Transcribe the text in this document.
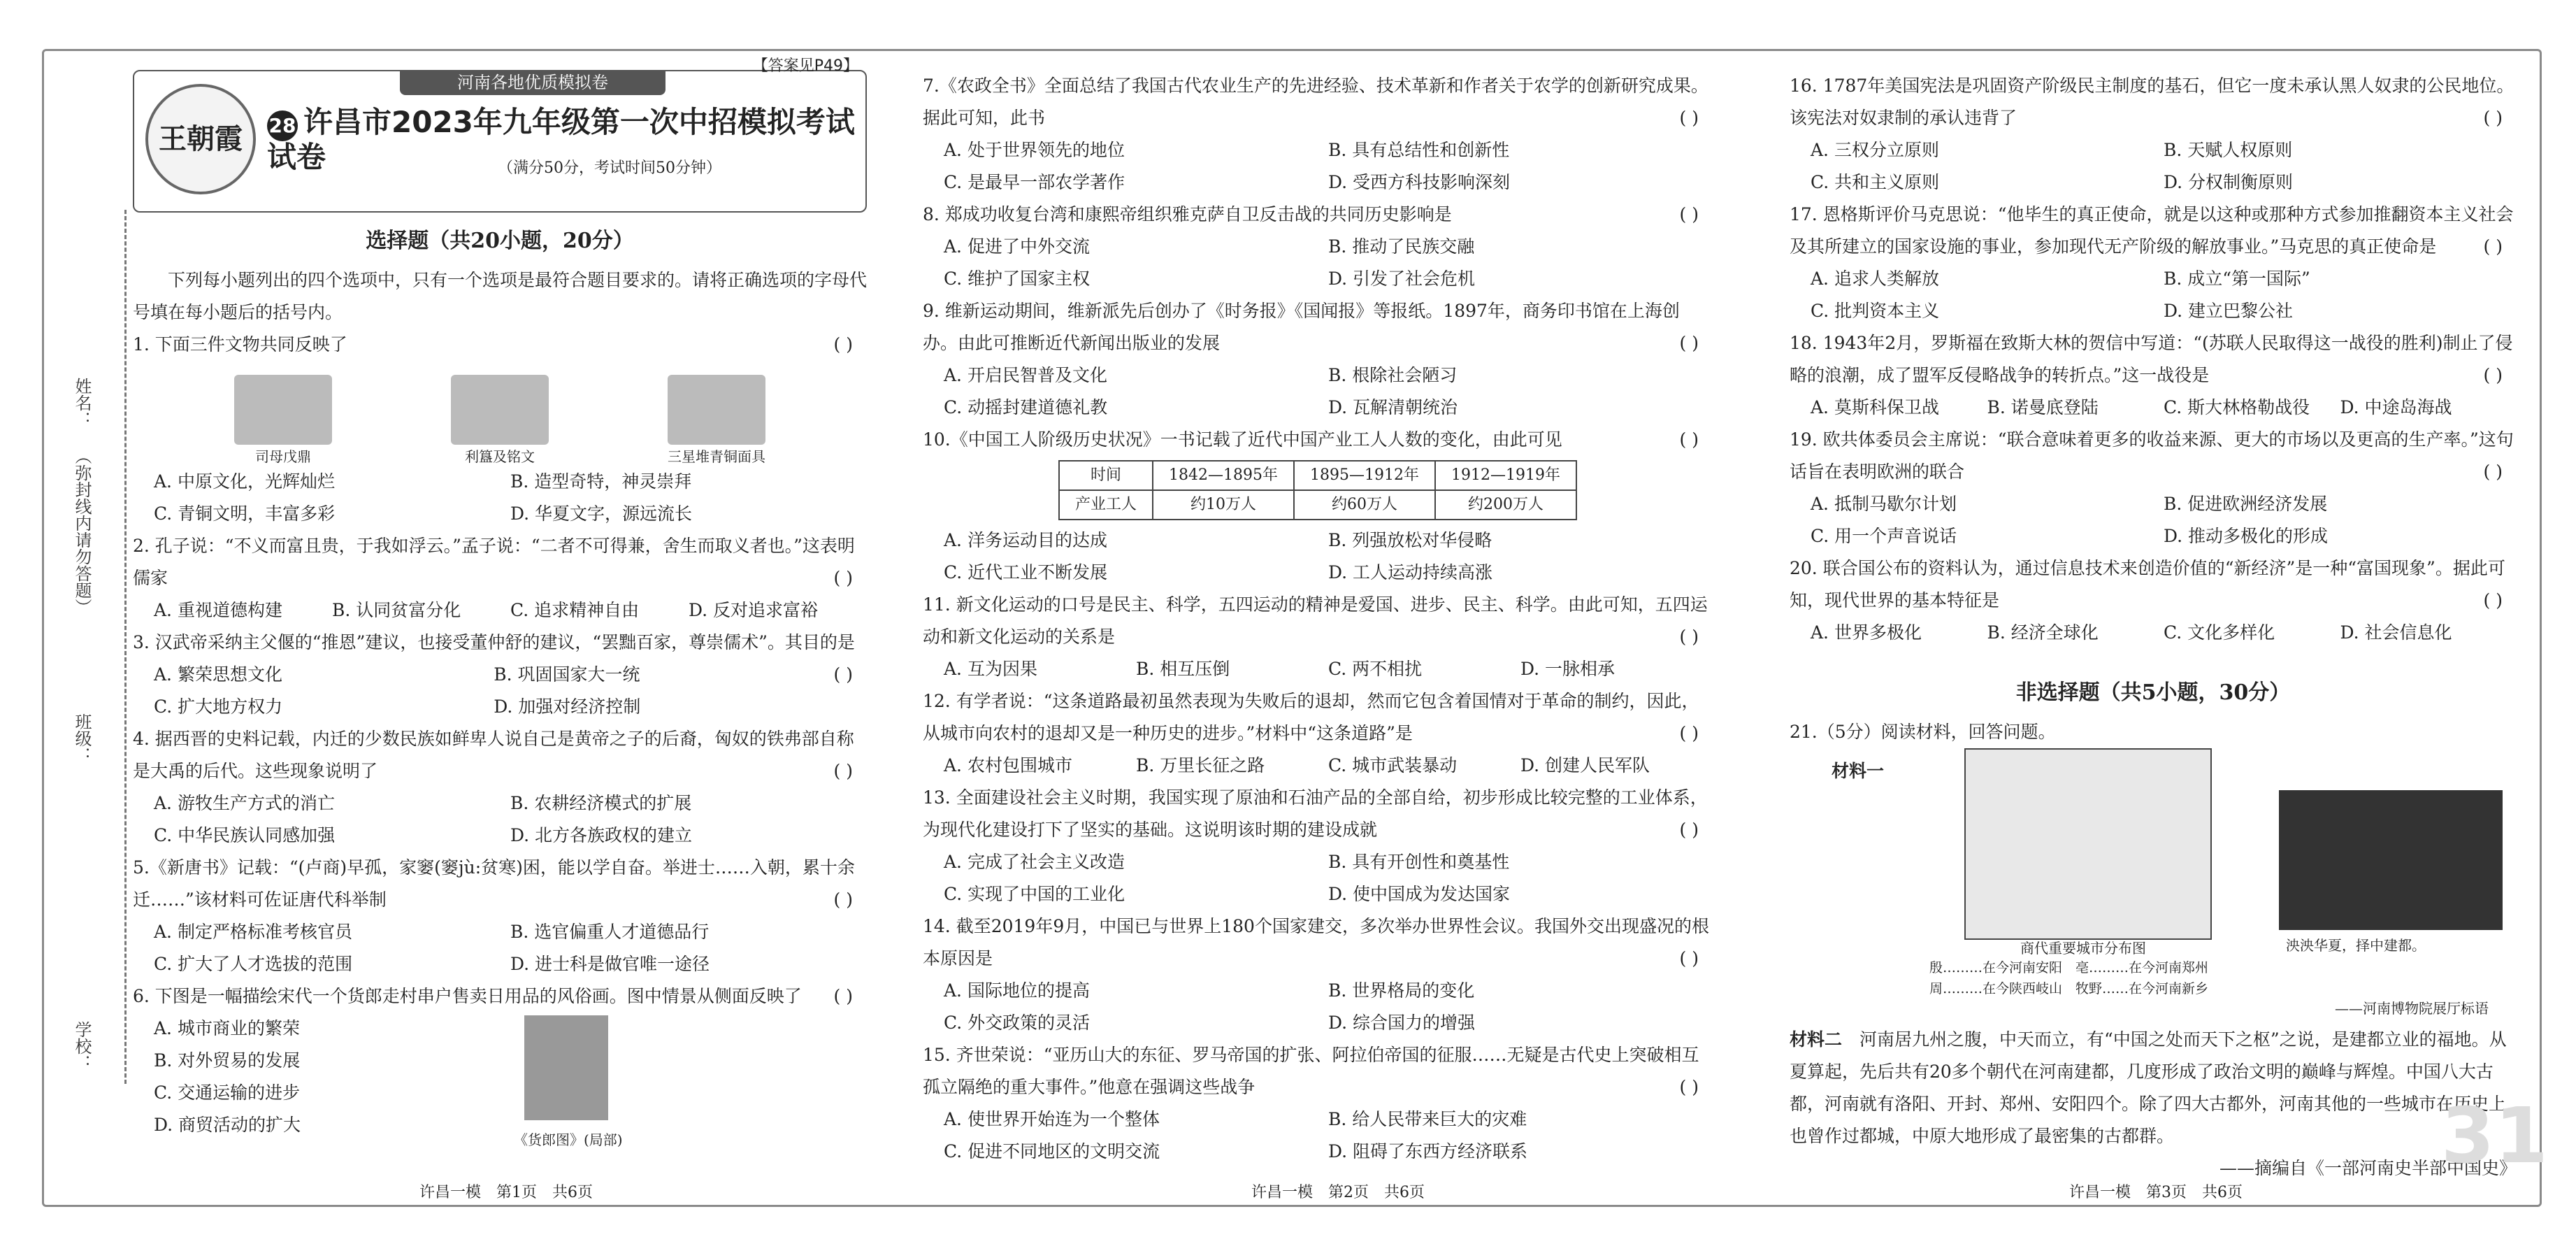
姓名：
（弥封线内请勿答题）
班级：
学校：
【答案见P49】
河南各地优质模拟卷
王朝霞 28 许昌市2023年九年级第一次中招模拟考试试卷	（满分50分，考试时间50分钟）
选择题（共20小题，20分）

下列每小题列出的四个选项中，只有一个选项是最符合题目要求的。请将正确选项的字母代号填在每小题后的括号内。

1. 下面三件文物共同反映了	( )

司母戊鼎	利簋及铭文	三星堆青铜面具
A. 中原文化，光辉灿烂	B. 造型奇特，神灵崇拜
C. 青铜文明，丰富多彩	D. 华夏文字，源远流长

2. 孔子说：“不义而富且贵，于我如浮云。”孟子说：“二者不可得兼，舍生而取义者也。”这表明儒家	( )

A. 重视道德构建	B. 认同贫富分化	C. 追求精神自由	D. 反对追求富裕

3. 汉武帝采纳主父偃的“推恩”建议，也接受董仲舒的建议，“罢黜百家，尊崇儒术”。其目的是
( )

A. 繁荣思想文化	B. 巩固国家大一统
C. 扩大地方权力	D. 加强对经济控制

4. 据西晋的史料记载，内迁的少数民族如鲜卑人说自己是黄帝之子的后裔，匈奴的铁弗部自称是大禹的后代。这些现象说明了	( )

A. 游牧生产方式的消亡	B. 农耕经济模式的扩展
C. 中华民族认同感加强	D. 北方各族政权的建立

5.《新唐书》记载：“(卢商)早孤，家窭(窭jù:贫寒)困，能以学自奋。举进士……入朝，累十余迁……”该材料可佐证唐代科举制	( )

A. 制定严格标准考核官员	B. 选官偏重人才道德品行
C. 扩大了人才选拔的范围	D. 进士科是做官唯一途径

6. 下图是一幅描绘宋代一个货郎走村串户售卖日用品的风俗画。图中情景从侧面反映了 ( )

A. 城市商业的繁荣
B. 对外贸易的发展
C. 交通运输的进步
D. 商贸活动的扩大
《货郎图》(局部)

7.《农政全书》全面总结了我国古代农业生产的先进经验、技术革新和作者关于农学的创新研究成果。据此可知，此书	( )

A. 处于世界领先的地位	B. 具有总结性和创新性
C. 是最早一部农学著作	D. 受西方科技影响深刻

8. 郑成功收复台湾和康熙帝组织雅克萨自卫反击战的共同历史影响是	( )

A. 促进了中外交流	B. 推动了民族交融
C. 维护了国家主权	D. 引发了社会危机

9. 维新运动期间，维新派先后创办了《时务报》《国闻报》等报纸。1897年，商务印书馆在上海创办。由此可推断近代新闻出版业的发展	( )

A. 开启民智普及文化	B. 根除社会陋习
C. 动摇封建道德礼教	D. 瓦解清朝统治

10.《中国工人阶级历史状况》一书记载了近代中国产业工人人数的变化，由此可见	( )

时间	1842—1895年	1895—1912年	1912—1919年
产业工人	约10万人	约60万人	约200万人
A. 洋务运动目的达成	B. 列强放松对华侵略
C. 近代工业不断发展	D. 工人运动持续高涨

11. 新文化运动的口号是民主、科学，五四运动的精神是爱国、进步、民主、科学。由此可知，五四运动和新文化运动的关系是	( )

A. 互为因果	B. 相互压倒	C. 两不相扰	D. 一脉相承

12. 有学者说：“这条道路最初虽然表现为失败后的退却，然而它包含着国情对于革命的制约，因此，从城市向农村的退却又是一种历史的进步。”材料中“这条道路”是	( )

A. 农村包围城市	B. 万里长征之路	C. 城市武装暴动	D. 创建人民军队

13. 全面建设社会主义时期，我国实现了原油和石油产品的全部自给，初步形成比较完整的工业体系，为现代化建设打下了坚实的基础。这说明该时期的建设成就	( )

A. 完成了社会主义改造	B. 具有开创性和奠基性
C. 实现了中国的工业化	D. 使中国成为发达国家

14. 截至2019年9月，中国已与世界上180个国家建交，多次举办世界性会议。我国外交出现盛况的根本原因是	( )

A. 国际地位的提高	B. 世界格局的变化
C. 外交政策的灵活	D. 综合国力的增强

15. 齐世荣说：“亚历山大的东征、罗马帝国的扩张、阿拉伯帝国的征服……无疑是古代史上突破相互孤立隔绝的重大事件。”他意在强调这些战争	( )

A. 使世界开始连为一个整体	B. 给人民带来巨大的灾难
C. 促进不同地区的文明交流	D. 阻碍了东西方经济联系

16. 1787年美国宪法是巩固资产阶级民主制度的基石，但它一度未承认黑人奴隶的公民地位。该宪法对奴隶制的承认违背了	( )

A. 三权分立原则	B. 天赋人权原则
C. 共和主义原则	D. 分权制衡原则

17. 恩格斯评价马克思说：“他毕生的真正使命，就是以这种或那种方式参加推翻资本主义社会及其所建立的国家设施的事业，参加现代无产阶级的解放事业。”马克思的真正使命是	( )

A. 追求人类解放	B. 成立“第一国际”
C. 批判资本主义	D. 建立巴黎公社

18. 1943年2月，罗斯福在致斯大林的贺信中写道：“(苏联人民取得这一战役的胜利)制止了侵略的浪潮，成了盟军反侵略战争的转折点。”这一战役是	( )

A. 莫斯科保卫战	B. 诺曼底登陆	C. 斯大林格勒战役	D. 中途岛海战

19. 欧共体委员会主席说：“联合意味着更多的收益来源、更大的市场以及更高的生产率。”这句话旨在表明欧洲的联合	( )

A. 抵制马歇尔计划	B. 促进欧洲经济发展
C. 用一个声音说话	D. 推动多极化的形成

20. 联合国公布的资料认为，通过信息技术来创造价值的“新经济”是一种“富国现象”。据此可知，现代世界的基本特征是	( )

A. 世界多极化	B. 经济全球化	C. 文化多样化	D. 社会信息化
非选择题（共5小题，30分）

21.（5分）阅读材料，回答问题。

材料一
商代重要城市分布图
殷………在今河南安阳　亳………在今河南郑州
泱泱华夏，择中建都。
周………在今陕西岐山　牧野……在今河南新乡
——河南博物院展厅标语

材料二　 河南居九州之腹，中天而立，有“中国之处而天下之枢”之说，是建都立业的福地。从夏算起，先后共有20多个朝代在河南建都，几度形成了政治文明的巅峰与辉煌。中国八大古都，河南就有洛阳、开封、郑州、安阳四个。除了四大古都外，河南其他的一些城市在历史上也曾作过都城，中原大地形成了最密集的古都群。

——摘编自《一部河南史半部中国史》

31
许昌一模　第1页　共6页	许昌一模　第2页　共6页	许昌一模　第3页　共6页
